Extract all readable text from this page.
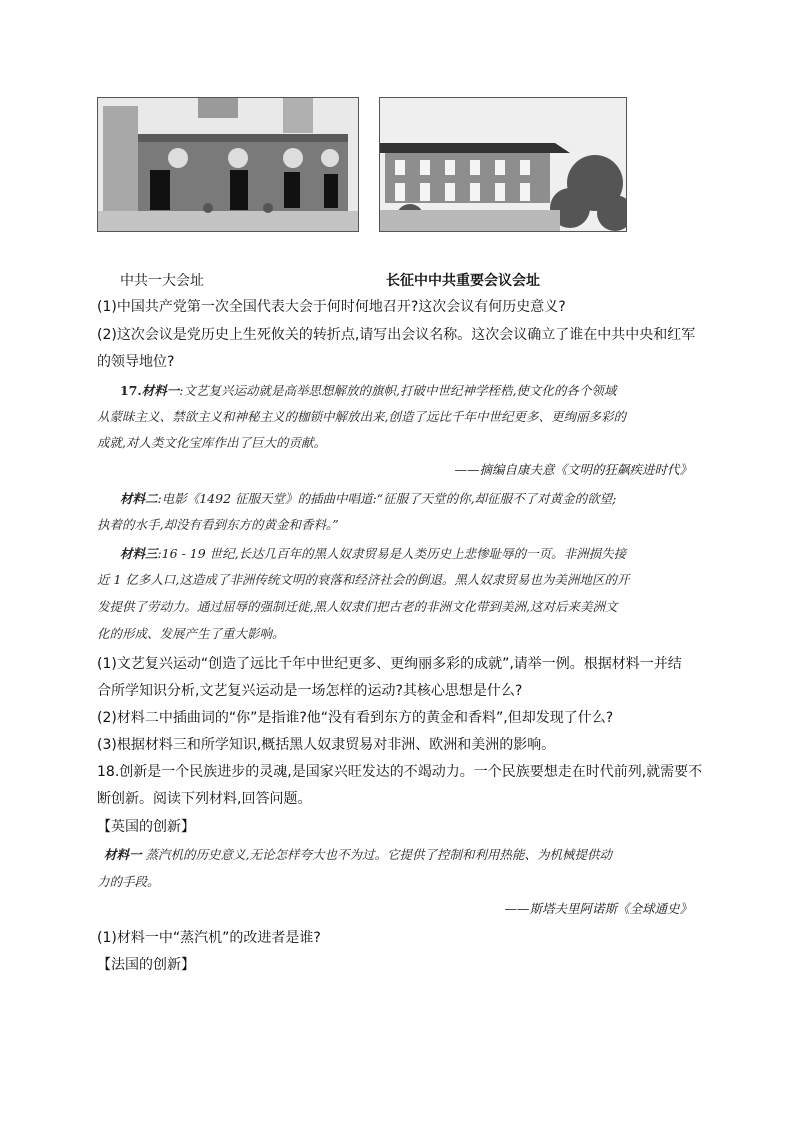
中共一大会址	长征中中共重要会议会址
(1)中国共产党第一次全国代表大会于何时何地召开?这次会议有何历史意义?
(2)这次会议是党历史上生死攸关的转折点,请写出会议名称。这次会议确立了谁在中共中央和红军
的领导地位?
17.材料一:文艺复兴运动就是高举思想解放的旗帜,打破中世纪神学桎梏,使文化的各个领域
从蒙昧主义、禁欲主义和神秘主义的枷锁中解放出来,创造了远比千年中世纪更多、更绚丽多彩的
成就,对人类文化宝库作出了巨大的贡献。
——摘编自康夫意《文明的狂飙疾进时代》
材料二:电影《1492 征服天堂》的插曲中唱道:“征服了天堂的你,却征服不了对黄金的欲望;
执着的水手,却没有看到东方的黄金和香料。”
材料三:16 - 19 世纪,长达几百年的黑人奴隶贸易是人类历史上悲惨耻辱的一页。非洲损失接
近 1 亿多人口,这造成了非洲传统文明的衰落和经济社会的倒退。黑人奴隶贸易也为美洲地区的开
发提供了劳动力。通过屈辱的强制迁徙,黑人奴隶们把古老的非洲文化带到美洲,这对后来美洲文
化的形成、发展产生了重大影响。
(1)文艺复兴运动“创造了远比千年中世纪更多、更绚丽多彩的成就”,请举一例。根据材料一并结
合所学知识分析,文艺复兴运动是一场怎样的运动?其核心思想是什么?
(2)材料二中插曲词的“你”是指谁?他“没有看到东方的黄金和香料”,但却发现了什么?
(3)根据材料三和所学知识,概括黑人奴隶贸易对非洲、欧洲和美洲的影响。
18.创新是一个民族进步的灵魂,是国家兴旺发达的不竭动力。一个民族要想走在时代前列,就需要不
断创新。阅读下列材料,回答问题。
【英国的创新】
材料一 蒸汽机的历史意义,无论怎样夸大也不为过。它提供了控制和利用热能、为机械提供动
力的手段。
——斯塔夫里阿诺斯《全球通史》
(1)材料一中“蒸汽机”的改进者是谁?
【法国的创新】
